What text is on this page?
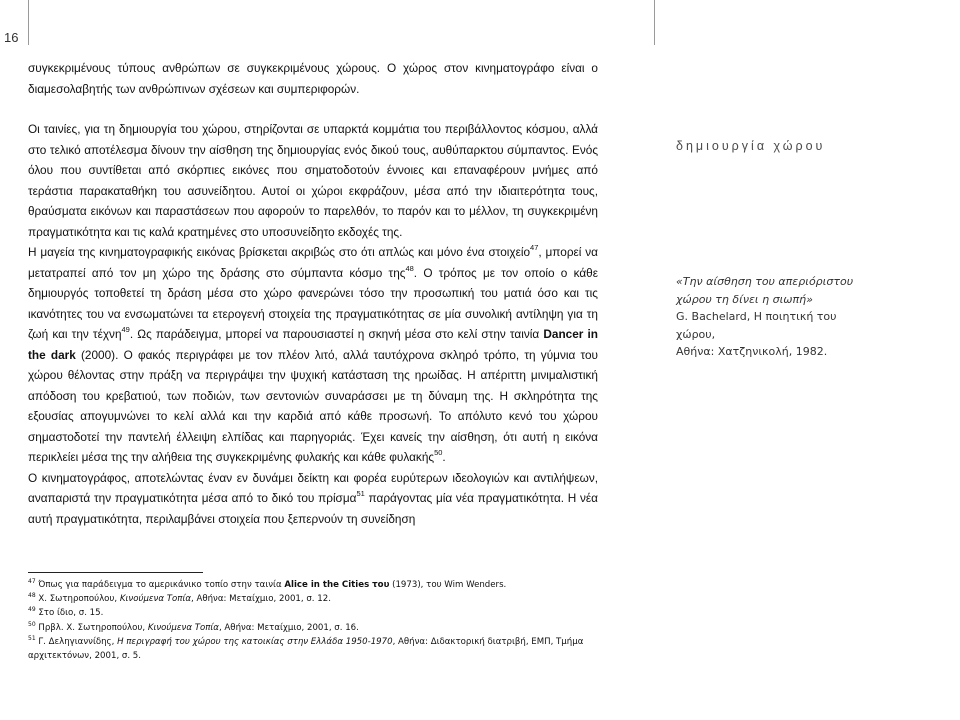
16

συγκεκριμένους τύπους ανθρώπων σε συγκεκριμένους χώρους. Ο χώρος στον κινηματογράφο είναι ο διαμεσολαβητής των ανθρώπινων σχέσεων και συμπεριφορών.

Οι ταινίες, για τη δημιουργία του χώρου, στηρίζονται σε υπαρκτά κομμάτια του περιβάλλοντος κόσμου, αλλά στο τελικό αποτέλεσμα δίνουν την αίσθηση της δημιουργίας ενός δικού τους, αυθύπαρκτου σύμπαντος. Ενός όλου που συντίθεται από σκόρπιες εικόνες που σηματοδοτούν έννοιες και επαναφέρουν μνήμες από τεράστια παρακαταθήκη του ασυνείδητου. Αυτοί οι χώροι εκφράζουν, μέσα από την ιδιαιτερότητα τους, θραύσματα εικόνων και παραστάσεων που αφορούν το παρελθόν, το παρόν και το μέλλον, τη συγκεκριμένη πραγματικότητα και τις καλά κρατημένες στο υποσυνείδητο εκδοχές της.

Η μαγεία της κινηματογραφικής εικόνας βρίσκεται ακριβώς στο ότι απλώς και μόνο ένα στοιχείο$^{47}$, μπορεί να μετατραπεί από τον μη χώρο της δράσης στο σύμπαντα κόσμο της$^{48}$. Ο τρόπος με τον οποίο ο κάθε δημιουργός τοποθετεί τη δράση μέσα στο χώρο φανερώνει τόσο την προσωπική του ματιά όσο και τις ικανότητες του να ενσωματώνει τα ετερογενή στοιχεία της πραγματικότητας σε μία συνολική αντίληψη για τη ζωή και την τέχνη$^{49}$. Ως παράδειγμα, μπορεί να παρουσιαστεί η σκηνή μέσα στο κελί στην ταινία Dancer in the dark (2000). Ο φακός περιγράφει με τον πλέον λιτό, αλλά ταυτόχρονα σκληρό τρόπο, τη γύμνια του χώρου θέλοντας στην πράξη να περιγράψει την ψυχική κατάσταση της ηρωίδας. Η απέριττη μινιμαλιστική απόδοση του κρεβατιού, των ποδιών, των σεντονιών συναράσσει με τη δύναμη της. Η σκληρότητα της εξουσίας απογυμνώνει το κελί αλλά και την καρδιά από κάθε προσωνή. Το απόλυτο κενό του χώρου σημαστοδοτεί την παντελή έλλειψη ελπίδας και παρηγοριάς. Έχει κανείς την αίσθηση, ότι αυτή η εικόνα περικλείει μέσα της την αλήθεια της συγκεκριμένης φυλακής και κάθε φυλακής$^{50}$.

Ο κινηματογράφος, αποτελώντας έναν εν δυνάμει δείκτη και φορέα ευρύτερων ιδεολογιών και αντιλήψεων, αναπαριστά την πραγματικότητα μέσα από το δικό του πρίσμα$^{51}$ παράγοντας μία νέα πραγματικότητα. Η νέα αυτή πραγματικότητα, περιλαμβάνει στοιχεία που ξεπερνούν τη συνείδηση

δημιουργία χώρου
«Την αίσθηση του απεριόριστου
χώρου τη δίνει η σιωπή»
G. Bachelard, Η ποιητική του χώρου,
Αθήνα: Χατζηνικολή, 1982.

$^{47}$ Όπως για παράδειγμα το αμερικάνικο τοπίο στην ταινία Alice in the Cities του (1973), του Wim Wenders.

$^{48}$ Χ. Σωτηροπούλου, Κινούμενα Τοπία, Αθήνα: Μεταίχμιο, 2001, σ. 12.

$^{49}$ Στο ίδιο, σ. 15.

$^{50}$ Πρβλ. Χ. Σωτηροπούλου, Κινούμενα Τοπία, Αθήνα: Μεταίχμιο, 2001, σ. 16.

$^{51}$ Γ. Δεληγιαννίδης, Η περιγραφή του χώρου της κατοικίας στην Ελλάδα 1950-1970, Αθήνα: Διδακτορική διατριβή, ΕΜΠ, Τμήμα αρχιτεκτόνων, 2001, σ. 5.
